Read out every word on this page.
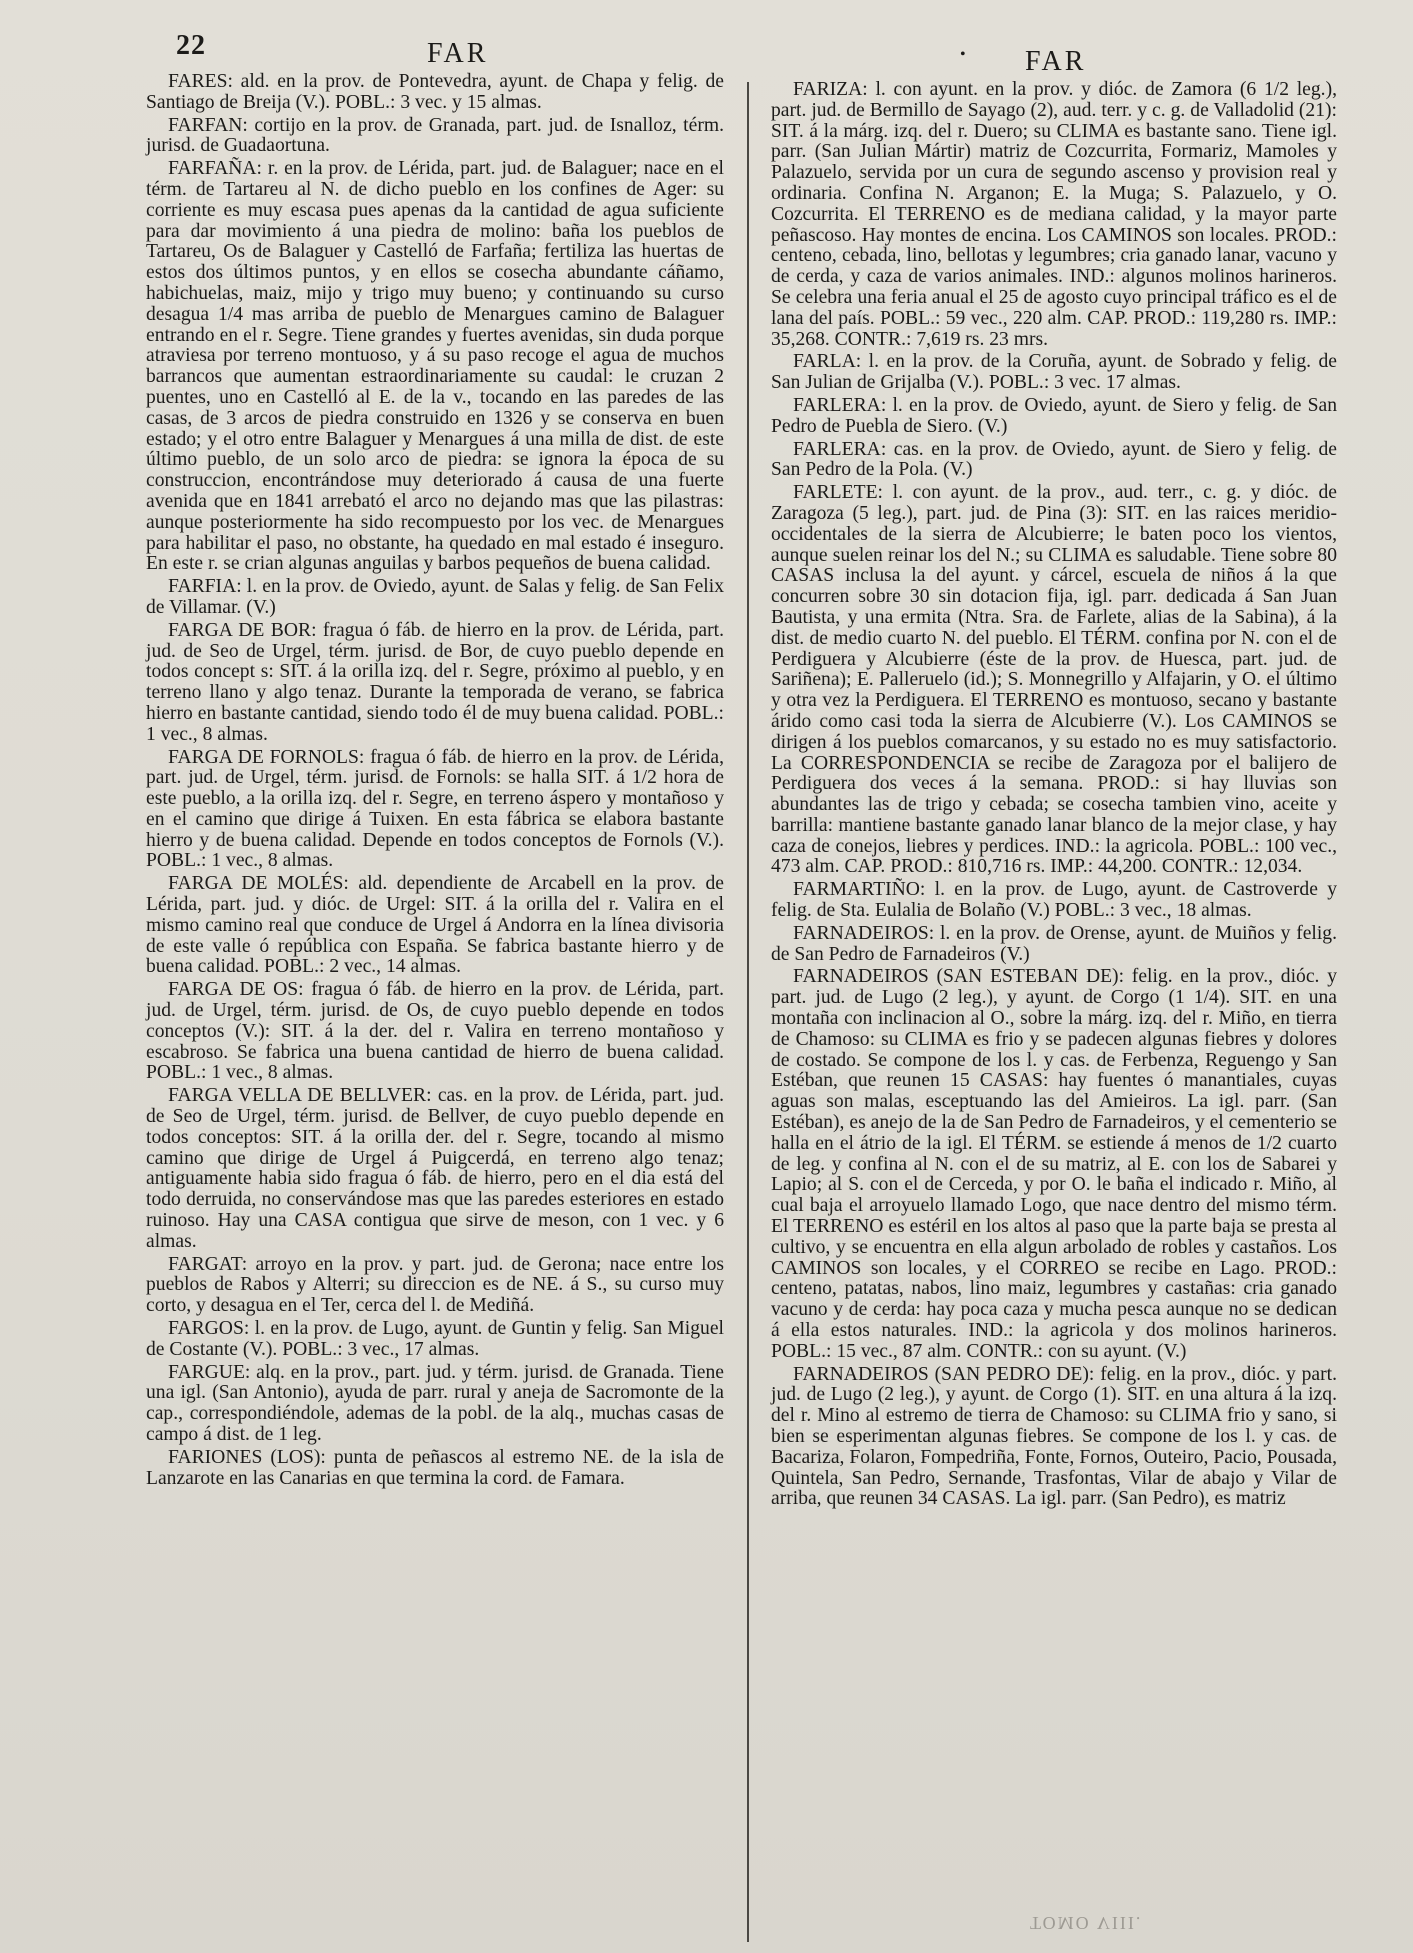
22	FAR	• FAR

FARES: ald. en la prov. de Pontevedra, ayunt. de Chapa y felig. de Santiago de Breija (V.). POBL.: 3 vec. y 15 almas.

FARFAN: cortijo en la prov. de Granada, part. jud. de Isnalloz, térm. jurisd. de Guadaortuna.

FARFAÑA: r. en la prov. de Lérida, part. jud. de Balaguer; nace en el térm. de Tartareu al N. de dicho pueblo en los confines de Ager: su corriente es muy escasa pues apenas da la cantidad de agua suficiente para dar movimiento á una piedra de molino: baña los pueblos de Tartareu, Os de Balaguer y Castelló de Farfaña; fertiliza las huertas de estos dos últimos puntos, y en ellos se cosecha abundante cáñamo, habichuelas, maiz, mijo y trigo muy bueno; y continuando su curso desagua 1/4 mas arriba de pueblo de Menargues camino de Balaguer entrando en el r. Segre. Tiene grandes y fuertes avenidas, sin duda porque atraviesa por terreno montuoso, y á su paso recoge el agua de muchos barrancos que aumentan estraordinariamente su caudal: le cruzan 2 puentes, uno en Castelló al E. de la v., tocando en las paredes de las casas, de 3 arcos de piedra construido en 1326 y se conserva en buen estado; y el otro entre Balaguer y Menargues á una milla de dist. de este último pueblo, de un solo arco de piedra: se ignora la época de su construccion, encontrándose muy deteriorado á causa de una fuerte avenida que en 1841 arrebató el arco no dejando mas que las pilastras: aunque posteriormente ha sido recompuesto por los vec. de Menargues para habilitar el paso, no obstante, ha quedado en mal estado é inseguro. En este r. se crian algunas anguilas y barbos pequeños de buena calidad.

FARFIA: l. en la prov. de Oviedo, ayunt. de Salas y felig. de San Felix de Villamar. (V.)

FARGA DE BOR: fragua ó fáb. de hierro en la prov. de Lérida, part. jud. de Seo de Urgel, térm. jurisd. de Bor, de cuyo pueblo depende en todos concept s: SIT. á la orilla izq. del r. Segre, próximo al pueblo, y en terreno llano y algo tenaz. Durante la temporada de verano, se fabrica hierro en bastante cantidad, siendo todo él de muy buena calidad. POBL.: 1 vec., 8 almas.

FARGA DE FORNOLS: fragua ó fáb. de hierro en la prov. de Lérida, part. jud. de Urgel, térm. jurisd. de Fornols: se halla SIT. á 1/2 hora de este pueblo, a la orilla izq. del r. Segre, en terreno áspero y montañoso y en el camino que dirige á Tuixen. En esta fábrica se elabora bastante hierro y de buena calidad. Depende en todos conceptos de Fornols (V.). POBL.: 1 vec., 8 almas.

FARGA DE MOLÉS: ald. dependiente de Arcabell en la prov. de Lérida, part. jud. y dióc. de Urgel: SIT. á la orilla del r. Valira en el mismo camino real que conduce de Urgel á Andorra en la línea divisoria de este valle ó república con España. Se fabrica bastante hierro y de buena calidad. POBL.: 2 vec., 14 almas.

FARGA DE OS: fragua ó fáb. de hierro en la prov. de Lérida, part. jud. de Urgel, térm. jurisd. de Os, de cuyo pueblo depende en todos conceptos (V.): SIT. á la der. del r. Valira en terreno montañoso y escabroso. Se fabrica una buena cantidad de hierro de buena calidad. POBL.: 1 vec., 8 almas.

FARGA VELLA DE BELLVER: cas. en la prov. de Lérida, part. jud. de Seo de Urgel, térm. jurisd. de Bellver, de cuyo pueblo depende en todos conceptos: SIT. á la orilla der. del r. Segre, tocando al mismo camino que dirige de Urgel á Puigcerdá, en terreno algo tenaz; antiguamente habia sido fragua ó fáb. de hierro, pero en el dia está del todo derruida, no conservándose mas que las paredes esteriores en estado ruinoso. Hay una CASA contigua que sirve de meson, con 1 vec. y 6 almas.

FARGAT: arroyo en la prov. y part. jud. de Gerona; nace entre los pueblos de Rabos y Alterri; su direccion es de NE. á S., su curso muy corto, y desagua en el Ter, cerca del l. de Mediñá.

FARGOS: l. en la prov. de Lugo, ayunt. de Guntin y felig. San Miguel de Costante (V.). POBL.: 3 vec., 17 almas.

FARGUE: alq. en la prov., part. jud. y térm. jurisd. de Granada. Tiene una igl. (San Antonio), ayuda de parr. rural y aneja de Sacromonte de la cap., correspondiéndole, ademas de la pobl. de la alq., muchas casas de campo á dist. de 1 leg.

FARIONES (LOS): punta de peñascos al estremo NE. de la isla de Lanzarote en las Canarias en que termina la cord. de Famara.

FARIZA: l. con ayunt. en la prov. y dióc. de Zamora (6 1/2 leg.), part. jud. de Bermillo de Sayago (2), aud. terr. y c. g. de Valladolid (21): SIT. á la márg. izq. del r. Duero; su CLIMA es bastante sano. Tiene igl. parr. (San Julian Mártir) matriz de Cozcurrita, Formariz, Mamoles y Palazuelo, servida por un cura de segundo ascenso y provision real y ordinaria. Confina N. Arganon; E. la Muga; S. Palazuelo, y O. Cozcurrita. El TERRENO es de mediana calidad, y la mayor parte peñascoso. Hay montes de encina. Los CAMINOS son locales. PROD.: centeno, cebada, lino, bellotas y legumbres; cria ganado lanar, vacuno y de cerda, y caza de varios animales. IND.: algunos molinos harineros. Se celebra una feria anual el 25 de agosto cuyo principal tráfico es el de lana del país. POBL.: 59 vec., 220 alm. CAP. PROD.: 119,280 rs. IMP.: 35,268. CONTR.: 7,619 rs. 23 mrs.

FARLA: l. en la prov. de la Coruña, ayunt. de Sobrado y felig. de San Julian de Grijalba (V.). POBL.: 3 vec. 17 almas.

FARLERA: l. en la prov. de Oviedo, ayunt. de Siero y felig. de San Pedro de Puebla de Siero. (V.)

FARLERA: cas. en la prov. de Oviedo, ayunt. de Siero y felig. de San Pedro de la Pola. (V.)

FARLETE: l. con ayunt. de la prov., aud. terr., c. g. y dióc. de Zaragoza (5 leg.), part. jud. de Pina (3): SIT. en las raices meridio-occidentales de la sierra de Alcubierre; le baten poco los vientos, aunque suelen reinar los del N.; su CLIMA es saludable. Tiene sobre 80 CASAS inclusa la del ayunt. y cárcel, escuela de niños á la que concurren sobre 30 sin dotacion fija, igl. parr. dedicada á San Juan Bautista, y una ermita (Ntra. Sra. de Farlete, alias de la Sabina), á la dist. de medio cuarto N. del pueblo. El TÉRM. confina por N. con el de Perdiguera y Alcubierre (éste de la prov. de Huesca, part. jud. de Sariñena); E. Palleruelo (id.); S. Monnegrillo y Alfajarin, y O. el último y otra vez la Perdiguera. El TERRENO es montuoso, secano y bastante árido como casi toda la sierra de Alcubierre (V.). Los CAMINOS se dirigen á los pueblos comarcanos, y su estado no es muy satisfactorio. La CORRESPONDENCIA se recibe de Zaragoza por el balijero de Perdiguera dos veces á la semana. PROD.: si hay lluvias son abundantes las de trigo y cebada; se cosecha tambien vino, aceite y barrilla: mantiene bastante ganado lanar blanco de la mejor clase, y hay caza de conejos, liebres y perdices. IND.: la agricola. POBL.: 100 vec., 473 alm. CAP. PROD.: 810,716 rs. IMP.: 44,200. CONTR.: 12,034.

FARMARTIÑO: l. en la prov. de Lugo, ayunt. de Castroverde y felig. de Sta. Eulalia de Bolaño (V.) POBL.: 3 vec., 18 almas.

FARNADEIROS: l. en la prov. de Orense, ayunt. de Muiños y felig. de San Pedro de Farnadeiros (V.)

FARNADEIROS (SAN ESTEBAN DE): felig. en la prov., dióc. y part. jud. de Lugo (2 leg.), y ayunt. de Corgo (1 1/4). SIT. en una montaña con inclinacion al O., sobre la márg. izq. del r. Miño, en tierra de Chamoso: su CLIMA es frio y se padecen algunas fiebres y dolores de costado. Se compone de los l. y cas. de Ferbenza, Reguengo y San Estéban, que reunen 15 CASAS: hay fuentes ó manantiales, cuyas aguas son malas, esceptuando las del Amieiros. La igl. parr. (San Estéban), es anejo de la de San Pedro de Farnadeiros, y el cementerio se halla en el átrio de la igl. El TÉRM. se estiende á menos de 1/2 cuarto de leg. y confina al N. con el de su matriz, al E. con los de Sabarei y Lapio; al S. con el de Cerceda, y por O. le baña el indicado r. Miño, al cual baja el arroyuelo llamado Logo, que nace dentro del mismo térm. El TERRENO es estéril en los altos al paso que la parte baja se presta al cultivo, y se encuentra en ella algun arbolado de robles y castaños. Los CAMINOS son locales, y el CORREO se recibe en Lago. PROD.: centeno, patatas, nabos, lino maiz, legumbres y castañas: cria ganado vacuno y de cerda: hay poca caza y mucha pesca aunque no se dedican á ella estos naturales. IND.: la agricola y dos molinos harineros. POBL.: 15 vec., 87 alm. CONTR.: con su ayunt. (V.)

FARNADEIROS (SAN PEDRO DE): felig. en la prov., dióc. y part. jud. de Lugo (2 leg.), y ayunt. de Corgo (1). SIT. en una altura á la izq. del r. Mino al estremo de tierra de Chamoso: su CLIMA frio y sano, si bien se esperimentan algunas fiebres. Se compone de los l. y cas. de Bacariza, Folaron, Fompedriña, Fonte, Fornos, Outeiro, Pacio, Pousada, Quintela, San Pedro, Sernande, Trasfontas, Vilar de abajo y Vilar de arriba, que reunen 34 CASAS. La igl. parr. (San Pedro), es matriz

TOMO VIII.
